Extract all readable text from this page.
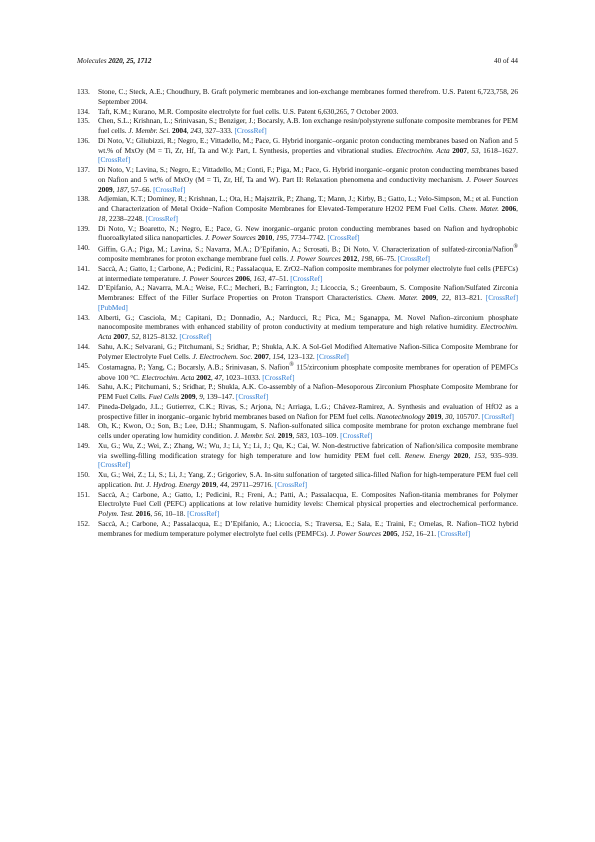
Molecules 2020, 25, 1712	40 of 44

133. Stone, C.; Steck, A.E.; Choudhury, B. Graft polymeric membranes and ion-exchange membranes formed therefrom. U.S. Patent 6,723,758, 26 September 2004.

134. Taft, K.M.; Kurano, M.R. Composite electrolyte for fuel cells. U.S. Patent 6,630,265, 7 October 2003.

135. Chen, S.L.; Krishnan, L.; Srinivasan, S.; Benziger, J.; Bocarsly, A.B. Ion exchange resin/polystyrene sulfonate composite membranes for PEM fuel cells. J. Membr. Sci. 2004, 243, 327–333. [CrossRef]

136. Di Noto, V.; Gliubizzi, R.; Negro, E.; Vittadello, M.; Pace, G. Hybrid inorganic–organic proton conducting membranes based on Nafion and 5 wt.% of MxOy (M = Ti, Zr, Hf, Ta and W.): Part, I. Synthesis, properties and vibrational studies. Electrochim. Acta 2007, 53, 1618–1627. [CrossRef]

137. Di Noto, V.; Lavina, S.; Negro, E.; Vittadello, M.; Conti, F.; Piga, M.; Pace, G. Hybrid inorganic–organic proton conducting membranes based on Nafion and 5 wt% of MxOy (M = Ti, Zr, Hf, Ta and W). Part II: Relaxation phenomena and conductivity mechanism. J. Power Sources 2009, 187, 57–66. [CrossRef]

138. Adjemian, K.T.; Dominey, R.; Krishnan, L.; Ota, H.; Majsztrik, P.; Zhang, T.; Mann, J.; Kirby, B.; Gatto, L.; Velo-Simpson, M.; et al. Function and Characterization of Metal Oxide−Nafion Composite Membranes for Elevated-Temperature H2O2 PEM Fuel Cells. Chem. Mater. 2006, 18, 2238–2248. [CrossRef]

139. Di Noto, V.; Boaretto, N.; Negro, E.; Pace, G. New inorganic–organic proton conducting membranes based on Nafion and hydrophobic fluoroalkylated silica nanoparticles. J. Power Sources 2010, 195, 7734–7742. [CrossRef]

140. Giffin, G.A.; Piga, M.; Lavina, S.; Navarra, M.A.; D’Epifanio, A.; Scrosati, B.; Di Noto, V. Characterization of sulfated-zirconia/Nafion® composite membranes for proton exchange membrane fuel cells. J. Power Sources 2012, 198, 66–75. [CrossRef]

141. Saccà, A.; Gatto, I.; Carbone, A.; Pedicini, R.; Passalacqua, E. ZrO2–Nafion composite membranes for polymer electrolyte fuel cells (PEFCs) at intermediate temperature. J. Power Sources 2006, 163, 47–51. [CrossRef]

142. D’Epifanio, A.; Navarra, M.A.; Weise, F.C.; Mecheri, B.; Farrington, J.; Licoccia, S.; Greenbaum, S. Composite Nafion/Sulfated Zirconia Membranes: Effect of the Filler Surface Properties on Proton Transport Characteristics. Chem. Mater. 2009, 22, 813–821. [CrossRef] [PubMed]

143. Alberti, G.; Casciola, M.; Capitani, D.; Donnadio, A.; Narducci, R.; Pica, M.; Sganappa, M. Novel Nafion–zirconium phosphate nanocomposite membranes with enhanced stability of proton conductivity at medium temperature and high relative humidity. Electrochim. Acta 2007, 52, 8125–8132. [CrossRef]

144. Sahu, A.K.; Selvarani, G.; Pitchumani, S.; Sridhar, P.; Shukla, A.K. A Sol-Gel Modified Alternative Nafion-Silica Composite Membrane for Polymer Electrolyte Fuel Cells. J. Electrochem. Soc. 2007, 154, 123–132. [CrossRef]

145. Costamagna, P.; Yang, C.; Bocarsly, A.B.; Srinivasan, S. Nafion® 115/zirconium phosphate composite membranes for operation of PEMFCs above 100 °C. Electrochim. Acta 2002, 47, 1023–1033. [CrossRef]

146. Sahu, A.K.; Pitchumani, S.; Sridhar, P.; Shukla, A.K. Co-assembly of a Nafion–Mesoporous Zirconium Phosphate Composite Membrane for PEM Fuel Cells. Fuel Cells 2009, 9, 139–147. [CrossRef]

147. Pineda-Delgado, J.L.; Gutierrez, C.K.; Rivas, S.; Arjona, N.; Arriaga, L.G.; Chávez-Ramirez, A. Synthesis and evaluation of HfO2 as a prospective filler in inorganic–organic hybrid membranes based on Nafion for PEM fuel cells. Nanotechnology 2019, 30, 105707. [CrossRef]

148. Oh, K.; Kwon, O.; Son, B.; Lee, D.H.; Shanmugam, S. Nafion-sulfonated silica composite membrane for proton exchange membrane fuel cells under operating low humidity condition. J. Membr. Sci. 2019, 583, 103–109. [CrossRef]

149. Xu, G.; Wu, Z.; Wei, Z.; Zhang, W.; Wu, J.; Li, Y.; Li, J.; Qu, K.; Cai, W. Non-destructive fabrication of Nafion/silica composite membrane via swelling-filling modification strategy for high temperature and low humidity PEM fuel cell. Renew. Energy 2020, 153, 935–939. [CrossRef]

150. Xu, G.; Wei, Z.; Li, S.; Li, J.; Yang, Z.; Grigoriev, S.A. In-situ sulfonation of targeted silica-filled Nafion for high-temperature PEM fuel cell application. Int. J. Hydrog. Energy 2019, 44, 29711–29716. [CrossRef]

151. Saccà, A.; Carbone, A.; Gatto, I.; Pedicini, R.; Freni, A.; Patti, A.; Passalacqua, E. Composites Nafion-titania membranes for Polymer Electrolyte Fuel Cell (PEFC) applications at low relative humidity levels: Chemical physical properties and electrochemical performance. Polym. Test. 2016, 56, 10–18. [CrossRef]

152. Saccà, A.; Carbone, A.; Passalacqua, E.; D’Epifanio, A.; Licoccia, S.; Traversa, E.; Sala, E.; Traini, F.; Ornelas, R. Nafion–TiO2 hybrid membranes for medium temperature polymer electrolyte fuel cells (PEMFCs). J. Power Sources 2005, 152, 16–21. [CrossRef]
